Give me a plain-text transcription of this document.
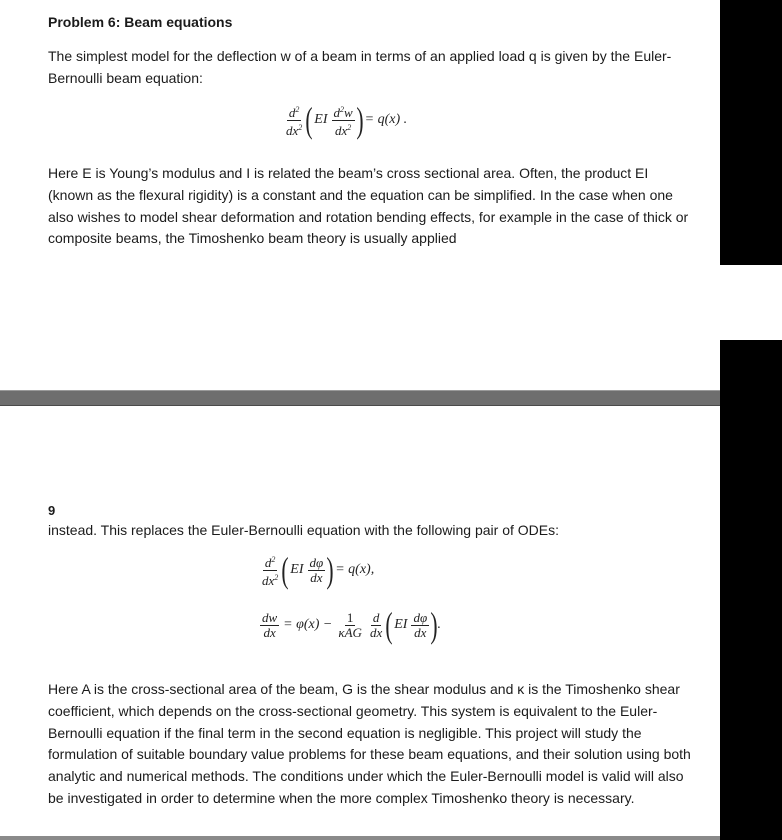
Problem 6: Beam equations

The simplest model for the deflection w of a beam in terms of an applied load q is given by the Euler-Bernoulli beam equation:

$\frac{d^2}{dx^2}$ ( EI $\frac{d^2w}{dx^2}$ ) = q(x) .

Here E is Young’s modulus and I is related the beam’s cross sectional area. Often, the product EI (known as the flexural rigidity) is a constant and the equation can be simplified. In the case when one also wishes to model shear deformation and rotation bending effects, for example in the case of thick or composite beams, the Timoshenko beam theory is usually applied

9

instead. This replaces the Euler-Bernoulli equation with the following pair of ODEs:

$\frac{d^2}{dx^2}$ ( EI $\frac{d\varphi}{dx}$ ) = q(x),
$\frac{dw}{dx} = \varphi(x) - \frac{1}{\text{κAG}} \frac{d}{dx}$ ( EI $\frac{d\varphi}{dx}$ ) .

Here A is the cross-sectional area of the beam, G is the shear modulus and κ is the Timoshenko shear coefficient, which depends on the cross-sectional geometry. This system is equivalent to the Euler-Bernoulli equation if the final term in the second equation is negligible. This project will study the formulation of suitable boundary value problems for these beam equations, and their solution using both analytic and numerical methods. The conditions under which the Euler-Bernoulli model is valid will also be investigated in order to determine when the more complex Timoshenko theory is necessary.
